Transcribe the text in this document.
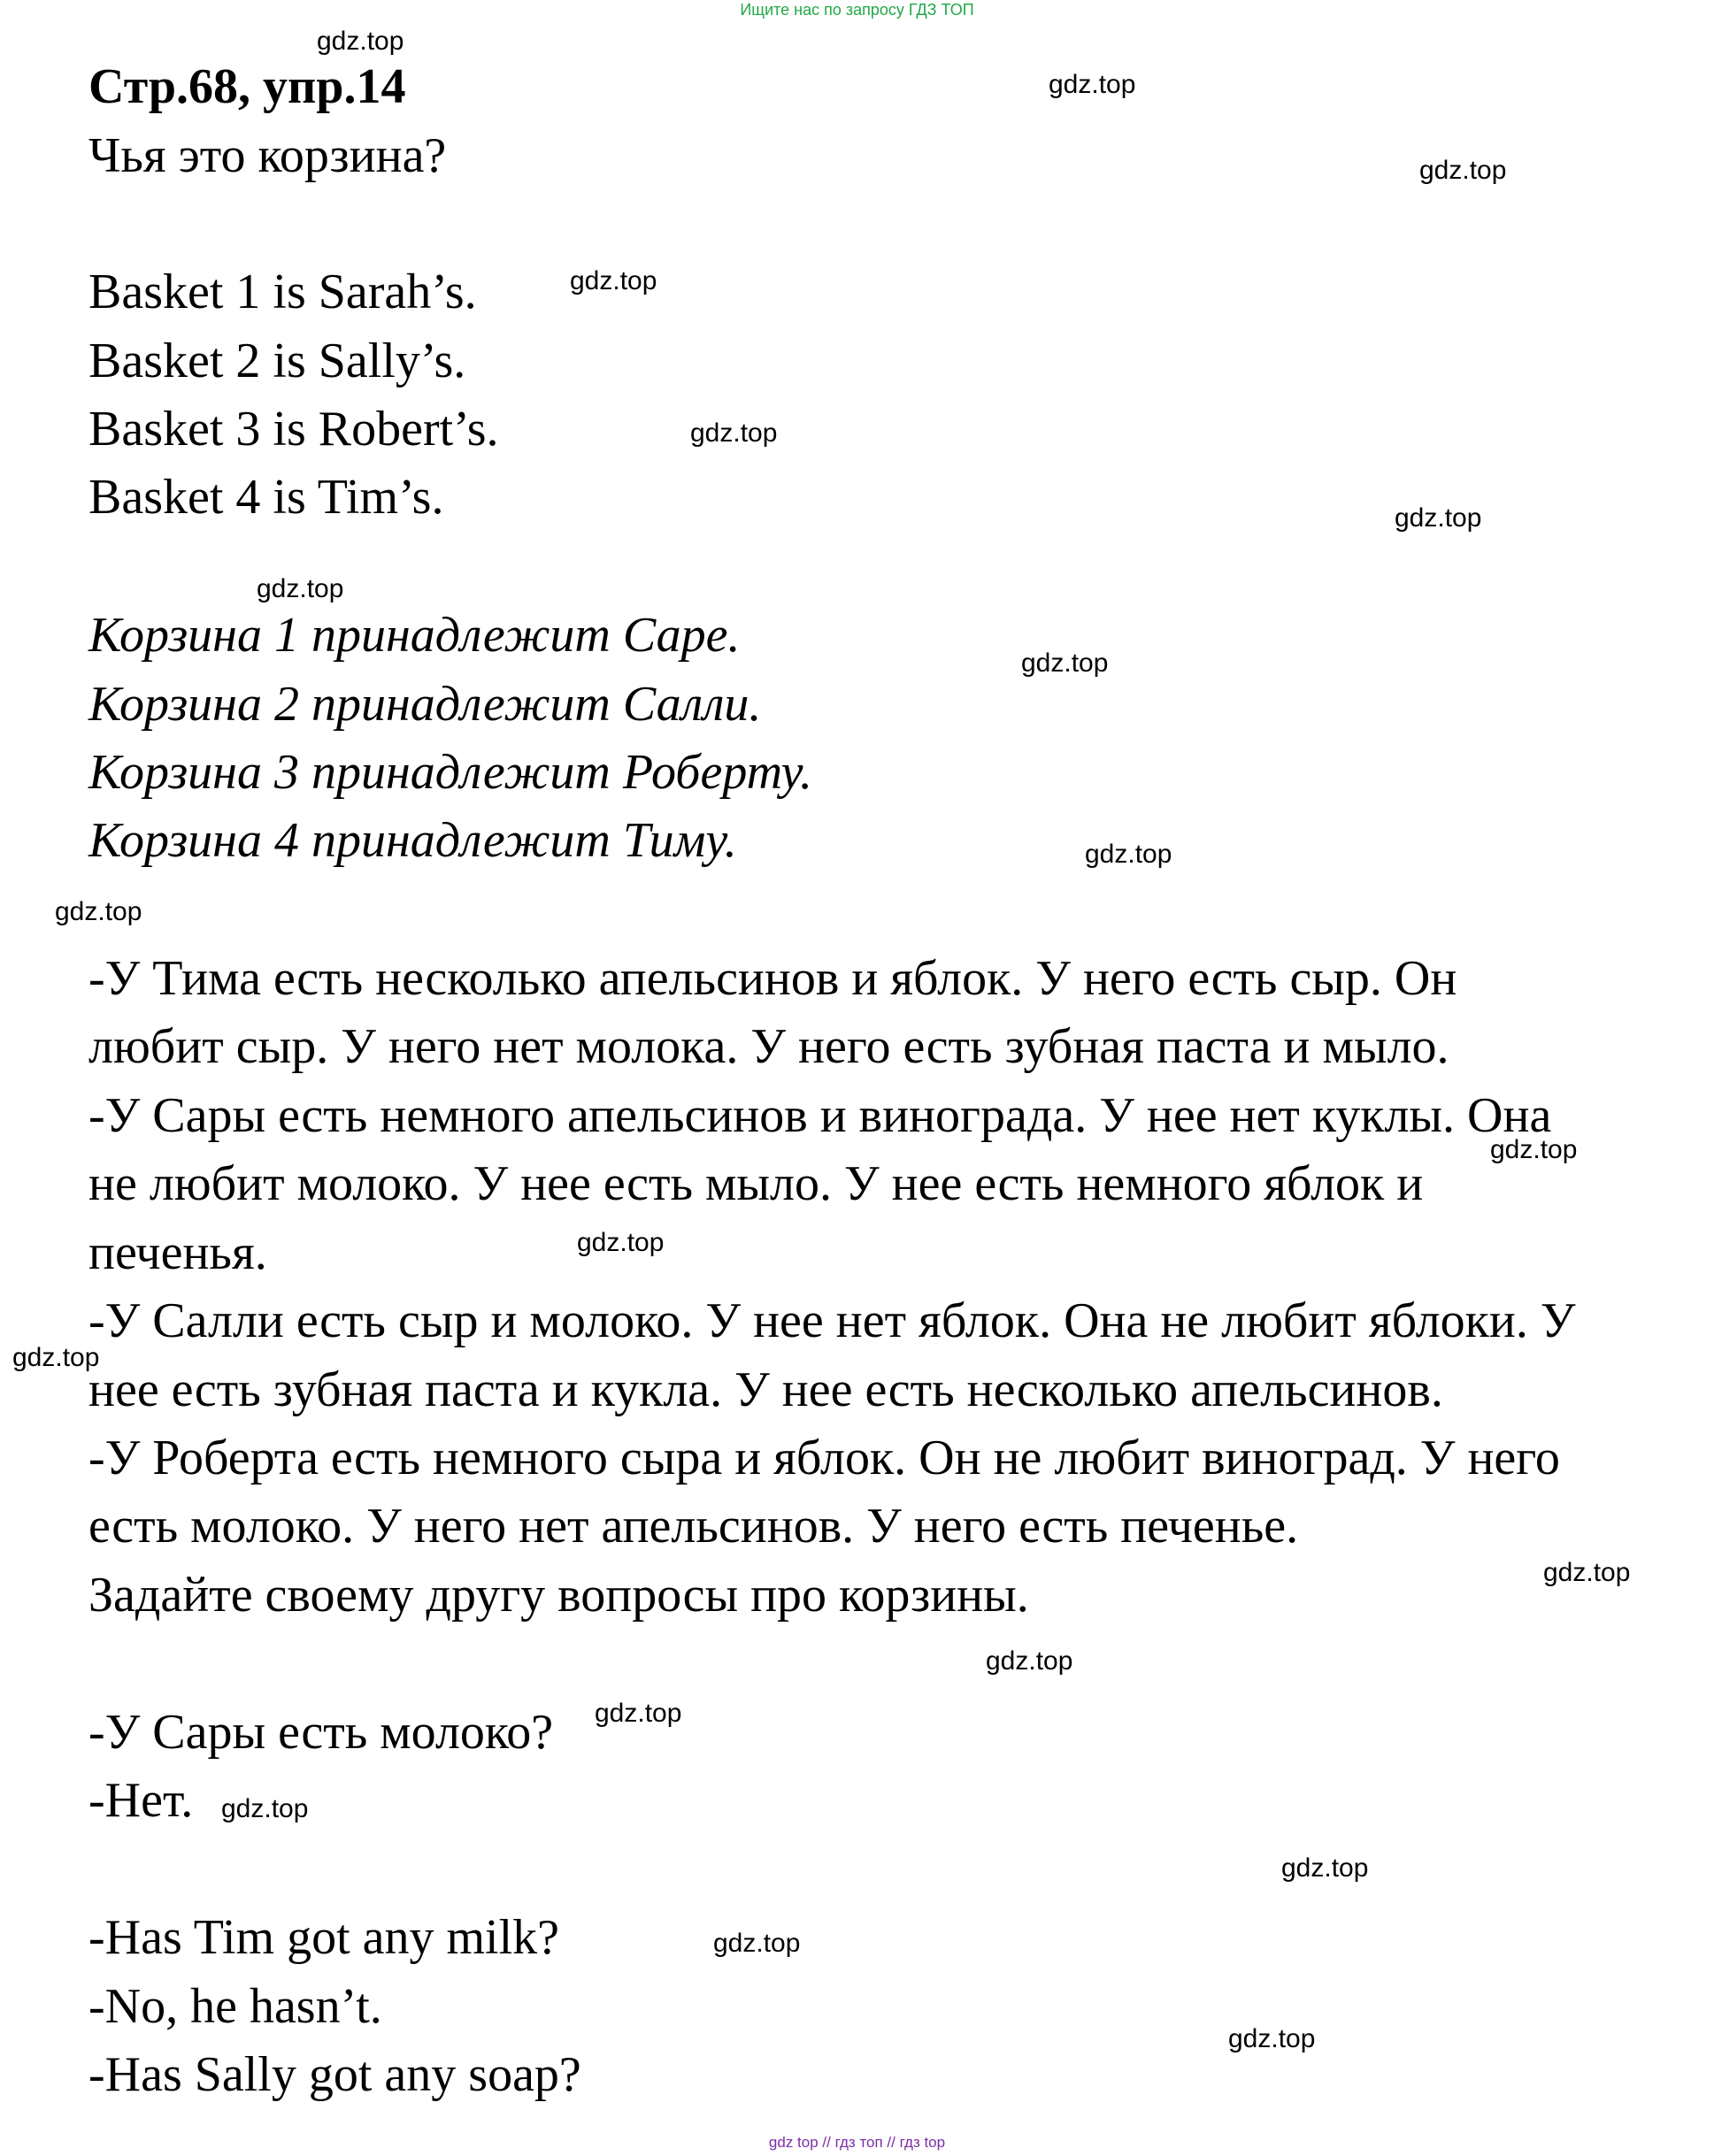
Ищите нас по запросу ГДЗ ТОП
Стр.68, упр.14
Чья это корзина?
Basket 1 is Sarah’s.
Basket 2 is Sally’s.
Basket 3 is Robert’s.
Basket 4 is Tim’s.
Корзина 1 принадлежит Саре.
Корзина 2 принадлежит Салли.
Корзина 3 принадлежит Роберту.
Корзина 4 принадлежит Тиму.
-У Тима есть несколько апельсинов и яблок. У него есть сыр. Он
любит сыр. У него нет молока. У него есть зубная паста и мыло.
-У Сары есть немного апельсинов и винограда. У нее нет куклы. Она
не любит молоко. У нее есть мыло. У нее есть немного яблок и
печенья.
-У Салли есть сыр и молоко. У нее нет яблок. Она не любит яблоки. У
нее есть зубная паста и кукла. У нее есть несколько апельсинов.
-У Роберта есть немного сыра и яблок. Он не любит виноград. У него
есть молоко. У него нет апельсинов. У него есть печенье.
Задайте своему другу вопросы про корзины.
-У Сары есть молоко?
-Нет.
-Has Tim got any milk?
-No, he hasn’t.
-Has Sally got any soap?
gdz.top
gdz.top
gdz.top
gdz.top
gdz.top
gdz.top
gdz.top
gdz.top
gdz.top
gdz.top
gdz.top
gdz.top
gdz.top
gdz.top
gdz.top
gdz.top
gdz.top
gdz.top
gdz.top
gdz.top
gdz top // гдз топ // гдз top
